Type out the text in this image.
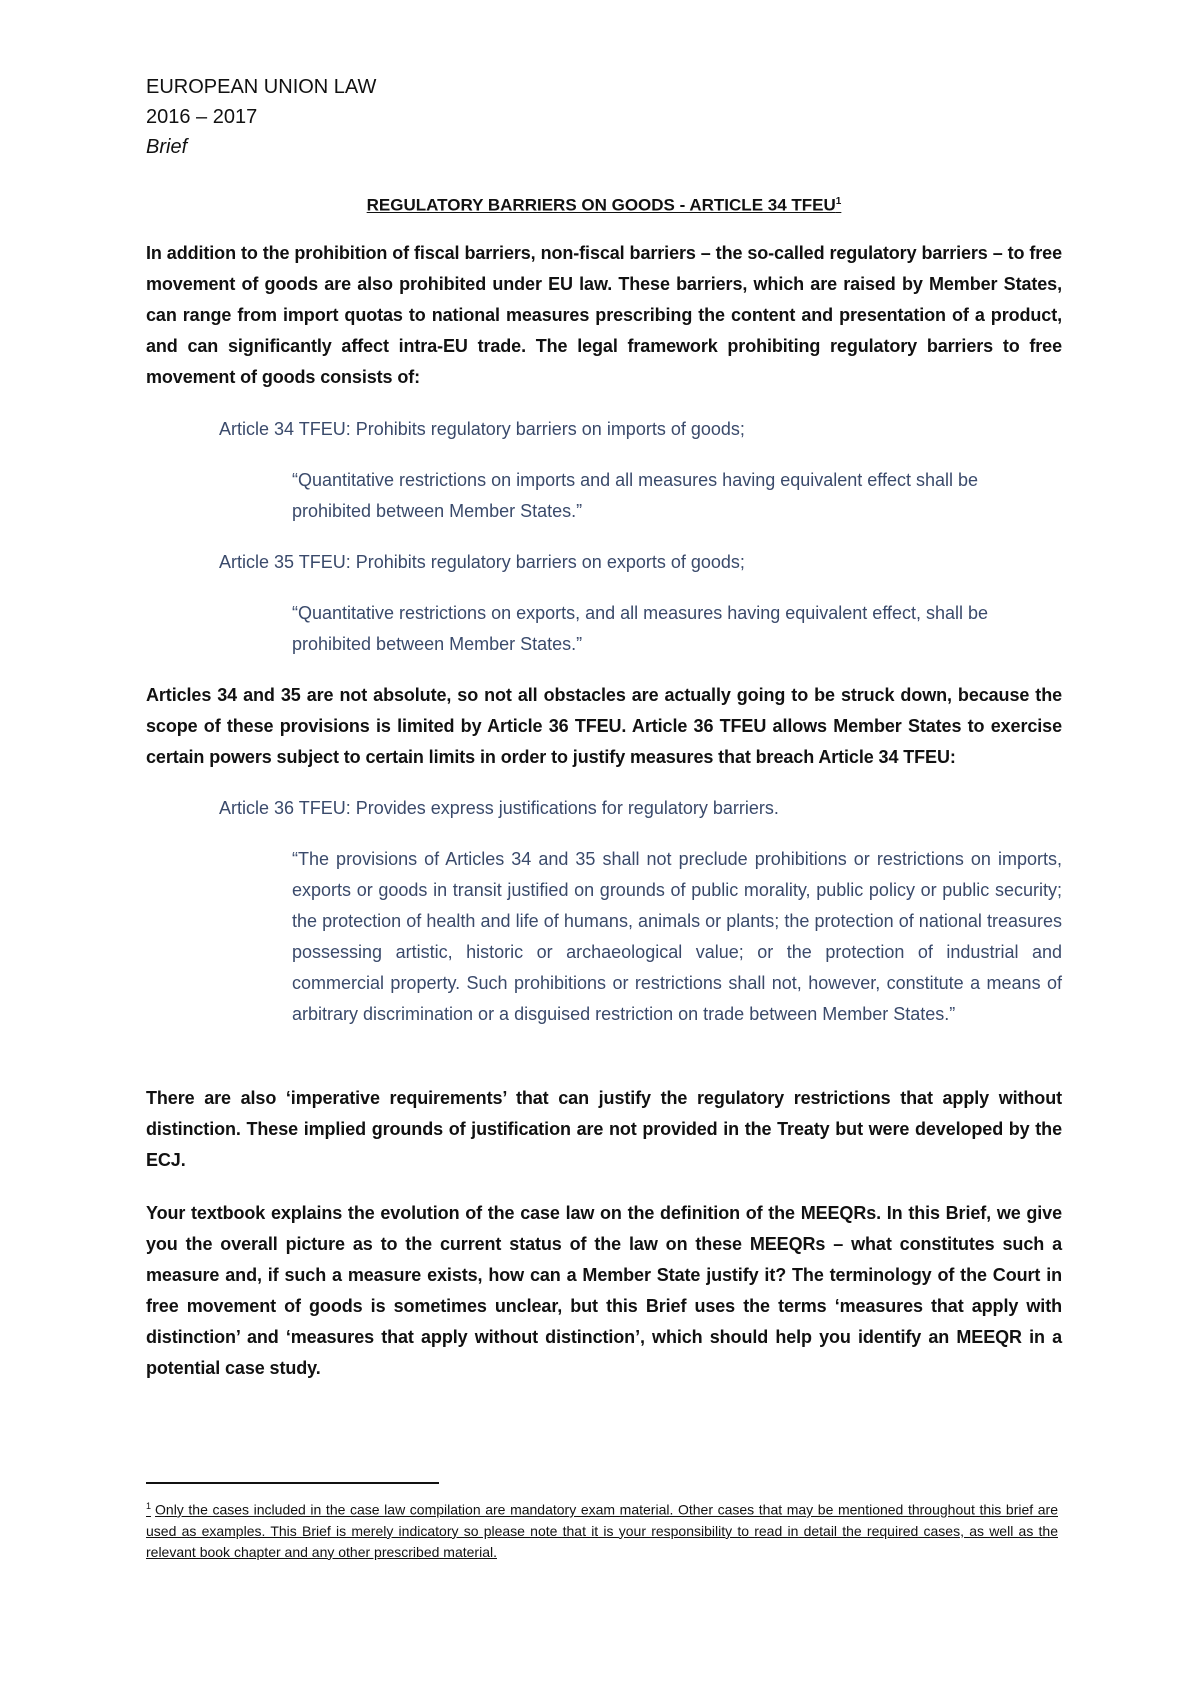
EUROPEAN UNION LAW

2016 – 2017

Brief

REGULATORY BARRIERS ON GOODS - ARTICLE 34 TFEU$^1$

In addition to the prohibition of fiscal barriers, non-fiscal barriers – the so-called regulatory barriers – to free movement of goods are also prohibited under EU law. These barriers, which are raised by Member States, can range from import quotas to national measures prescribing the content and presentation of a product, and can significantly affect intra-EU trade. The legal framework prohibiting regulatory barriers to free movement of goods consists of:

Article 34 TFEU: Prohibits regulatory barriers on imports of goods;

“Quantitative restrictions on imports and all measures having equivalent effect shall be prohibited between Member States.”

Article 35 TFEU: Prohibits regulatory barriers on exports of goods;

“Quantitative restrictions on exports, and all measures having equivalent effect, shall be prohibited between Member States.”

Articles 34 and 35 are not absolute, so not all obstacles are actually going to be struck down, because the scope of these provisions is limited by Article 36 TFEU. Article 36 TFEU allows Member States to exercise certain powers subject to certain limits in order to justify measures that breach Article 34 TFEU:

Article 36 TFEU: Provides express justifications for regulatory barriers.

“The provisions of Articles 34 and 35 shall not preclude prohibitions or restrictions on imports, exports or goods in transit justified on grounds of public morality, public policy or public security; the protection of health and life of humans, animals or plants; the protection of national treasures possessing artistic, historic or archaeological value; or the protection of industrial and commercial property. Such prohibitions or restrictions shall not, however, constitute a means of arbitrary discrimination or a disguised restriction on trade between Member States.”

There are also ‘imperative requirements’ that can justify the regulatory restrictions that apply without distinction. These implied grounds of justification are not provided in the Treaty but were developed by the ECJ.

Your textbook explains the evolution of the case law on the definition of the MEEQRs. In this Brief, we give you the overall picture as to the current status of the law on these MEEQRs – what constitutes such a measure and, if such a measure exists, how can a Member State justify it? The terminology of the Court in free movement of goods is sometimes unclear, but this Brief uses the terms ‘measures that apply with distinction’ and ‘measures that apply without distinction’, which should help you identify an MEEQR in a potential case study.

$^1$ Only the cases included in the case law compilation are mandatory exam material. Other cases that may be mentioned throughout this brief are used as examples. This Brief is merely indicatory so please note that it is your responsibility to read in detail the required cases, as well as the relevant book chapter and any other prescribed material.
